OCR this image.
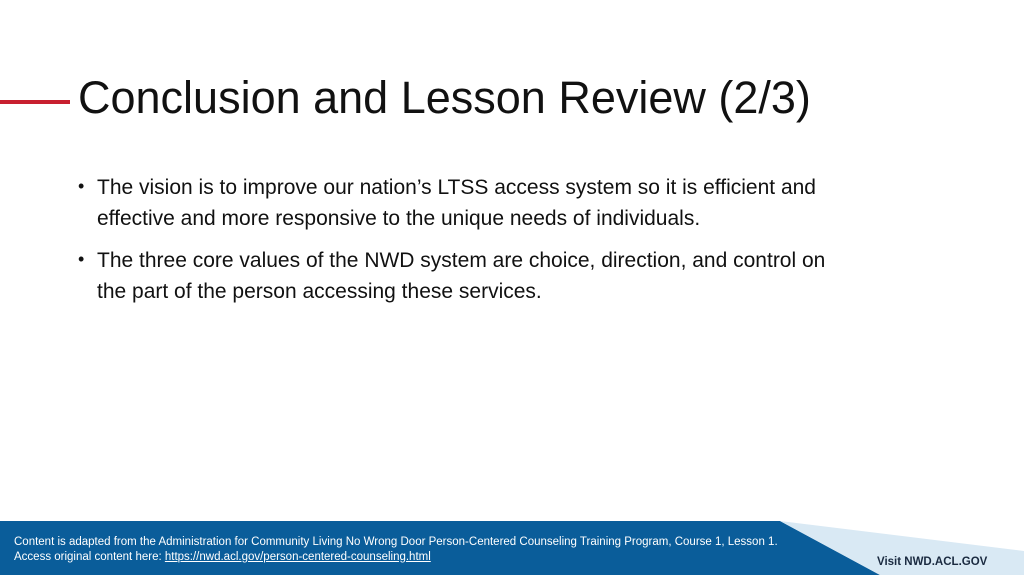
Conclusion and Lesson Review (2/3)
• The vision is to improve our nation’s LTSS access system so it is efficient and
effective and more responsive to the unique needs of individuals.
• The three core values of the NWD system are choice, direction, and control on
the part of the person accessing these services.
Content is adapted from the Administration for Community Living No Wrong Door Person-Centered Counseling Training Program, Course 1, Lesson 1.
Access original content here: https://nwd.acl.gov/person-centered-counseling.html	Visit NWD.ACL.GOV
